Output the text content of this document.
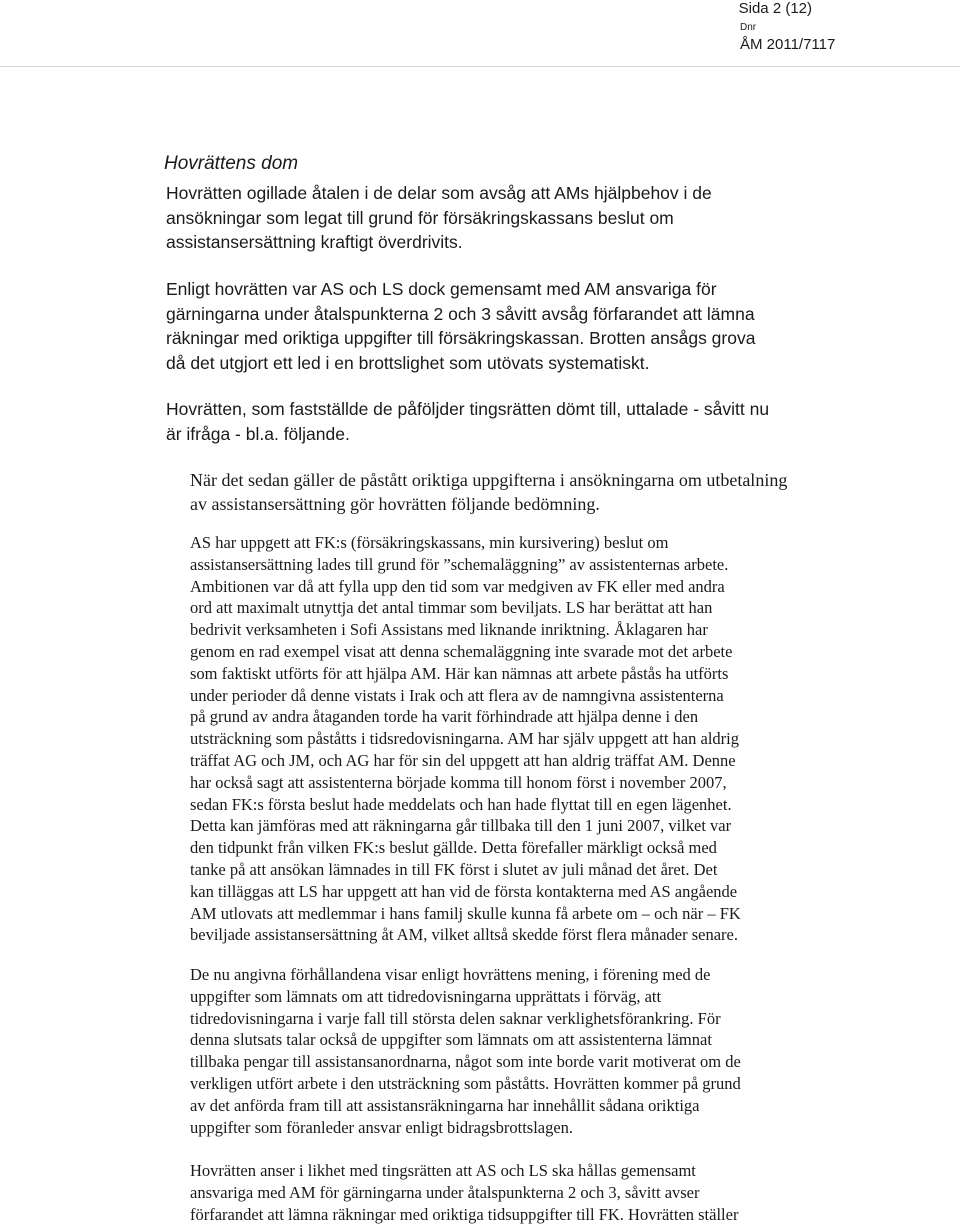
Sida 2 (12)
Dnr
ÅM 2011/7117
Hovrättens dom
Hovrätten ogillade åtalen i de delar som avsåg att AMs hjälpbehov i de
ansökningar som legat till grund för försäkringskassans beslut om
assistansersättning kraftigt överdrivits.
Enligt hovrätten var AS och LS dock gemensamt med AM ansvariga för
gärningarna under åtalspunkterna 2 och 3 såvitt avsåg förfarandet att lämna
räkningar med oriktiga uppgifter till försäkringskassan. Brotten ansågs grova
då det utgjort ett led i en brottslighet som utövats systematiskt.
Hovrätten, som fastställde de påföljder tingsrätten dömt till, uttalade - såvitt nu
är ifråga - bl.a. följande.
När det sedan gäller de påstått oriktiga uppgifterna i ansökningarna om utbetalning
av assistansersättning gör hovrätten följande bedömning.
AS har uppgett att FK:s (försäkringskassans, min kursivering) beslut om
assistansersättning lades till grund för ”schemaläggning” av assistenternas arbete.
Ambitionen var då att fylla upp den tid som var medgiven av FK eller med andra
ord att maximalt utnyttja det antal timmar som beviljats. LS har berättat att han
bedrivit verksamheten i Sofi Assistans med liknande inriktning. Åklagaren har
genom en rad exempel visat att denna schemaläggning inte svarade mot det arbete
som faktiskt utförts för att hjälpa AM. Här kan nämnas att arbete påstås ha utförts
under perioder då denne vistats i Irak och att flera av de namngivna assistenterna
på grund av andra åtaganden torde ha varit förhindrade att hjälpa denne i den
utsträckning som påståtts i tidsredovisningarna. AM har själv uppgett att han aldrig
träffat AG och JM, och AG har för sin del uppgett att han aldrig träffat AM. Denne
har också sagt att assistenterna började komma till honom först i november 2007,
sedan FK:s första beslut hade meddelats och han hade flyttat till en egen lägenhet.
Detta kan jämföras med att räkningarna går tillbaka till den 1 juni 2007, vilket var
den tidpunkt från vilken FK:s beslut gällde. Detta förefaller märkligt också med
tanke på att ansökan lämnades in till FK först i slutet av juli månad det året. Det
kan tilläggas att LS har uppgett att han vid de första kontakterna med AS angående
AM utlovats att medlemmar i hans familj skulle kunna få arbete om – och när – FK
beviljade assistansersättning åt AM, vilket alltså skedde först flera månader senare.
De nu angivna förhållandena visar enligt hovrättens mening, i förening med de
uppgifter som lämnats om att tidredovisningarna upprättats i förväg, att
tidredovisningarna i varje fall till största delen saknar verklighetsförankring. För
denna slutsats talar också de uppgifter som lämnats om att assistenterna lämnat
tillbaka pengar till assistansanordnarna, något som inte borde varit motiverat om de
verkligen utfört arbete i den utsträckning som påståtts. Hovrätten kommer på grund
av det anförda fram till att assistansräkningarna har innehållit sådana oriktiga
uppgifter som föranleder ansvar enligt bidragsbrottslagen.
Hovrätten anser i likhet med tingsrätten att AS och LS ska hållas gemensamt
ansvariga med AM för gärningarna under åtalspunkterna 2 och 3, såvitt avser
förfarandet att lämna räkningar med oriktiga tidsuppgifter till FK. Hovrätten ställer
